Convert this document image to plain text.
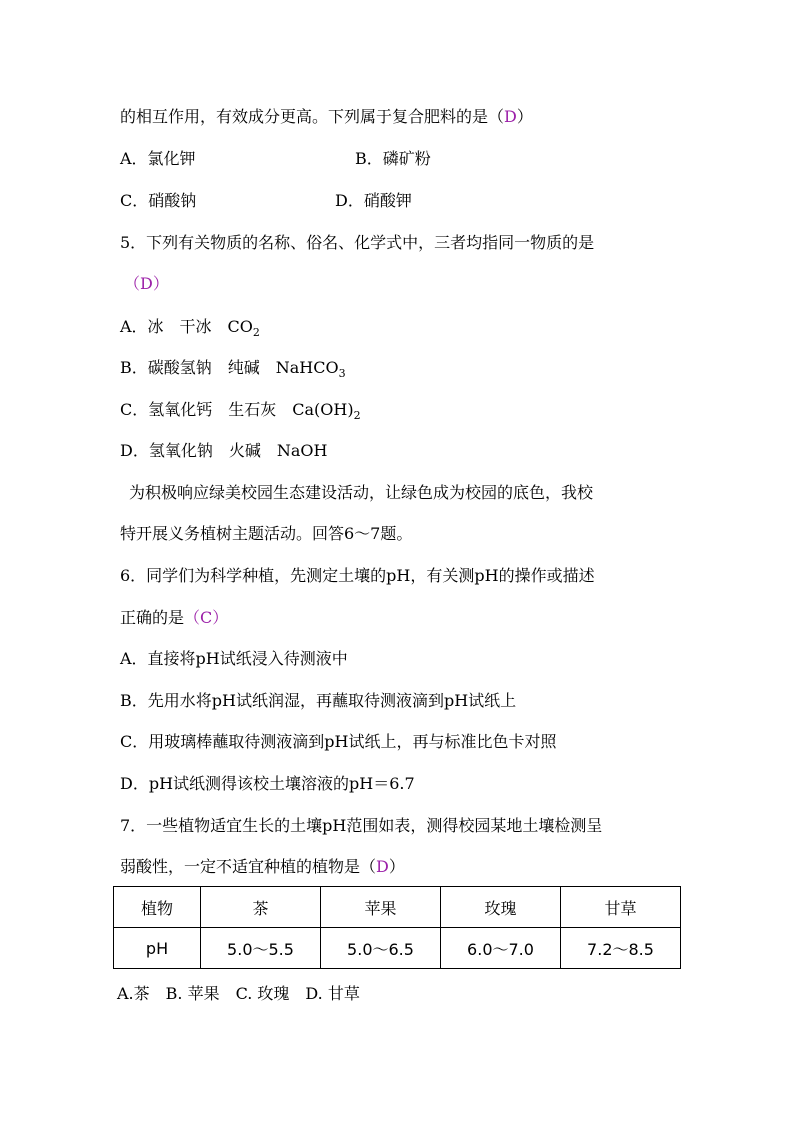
的相互作用，有效成分更高。下列属于复合肥料的是（D）
A．氯化钾	B．磷矿粉
C．硝酸钠	D．硝酸钾
5．下列有关物质的名称、俗名、化学式中，三者均指同一物质的是
（D）
A．冰　干冰　$CO_2$
B．碳酸氢钠　纯碱　NaHCO$_3$
C．氢氧化钙　生石灰　$Ca(OH)_2$
D．氢氧化钠　火碱　NaOH
为积极响应绿美校园生态建设活动，让绿色成为校园的底色，我校
特开展义务植树主题活动。回答6～7题。
6．同学们为科学种植，先测定土壤的pH，有关测pH的操作或描述
正确的是（C）
A．直接将pH试纸浸入待测液中
B．先用水将pH试纸润湿，再蘸取待测液滴到pH试纸上
C．用玻璃棒蘸取待测液滴到pH试纸上，再与标准比色卡对照
D．pH试纸测得该校土壤溶液的pH＝6.7
7．一些植物适宜生长的土壤pH范围如表，测得校园某地土壤检测呈
弱酸性，一定不适宜种植的植物是（D）
植物	茶	苹果	玫瑰	甘草
pH	5.0～5.5	5.0～6.5	6.0～7.0	7.2～8.5
A.茶　B. 苹果　C. 玫瑰　D. 甘草
